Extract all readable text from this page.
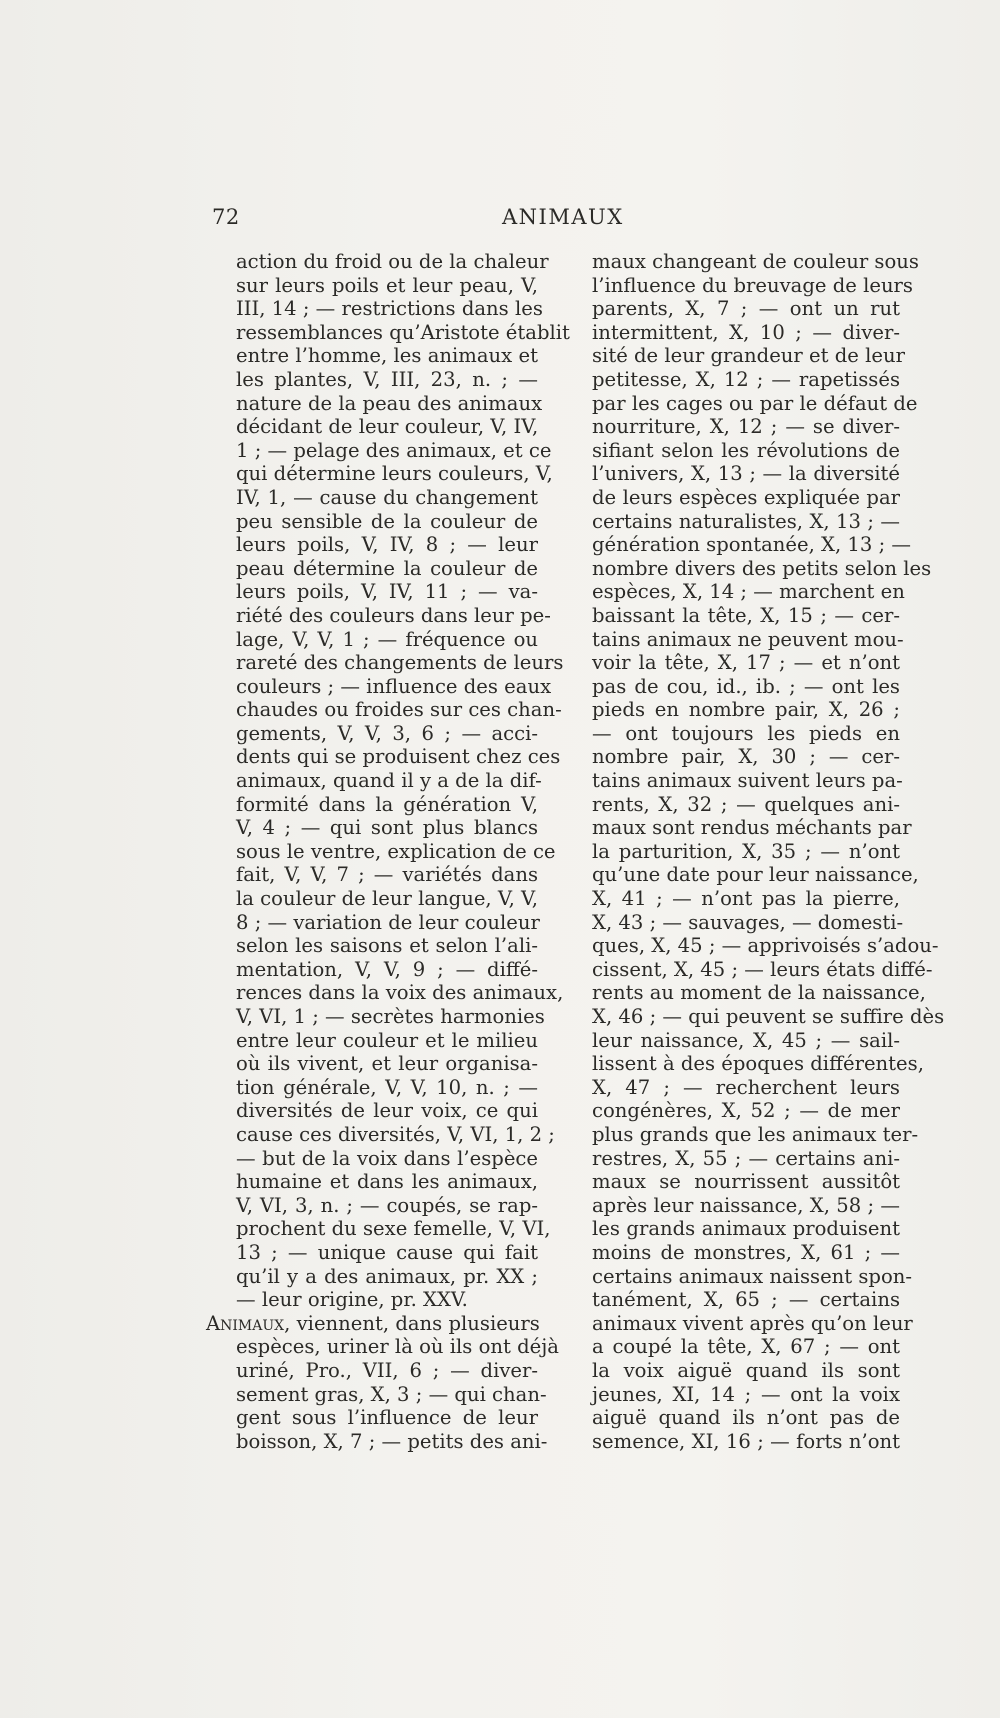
72	ANIMAUX
action du froid ou de la chaleur
sur leurs poils et leur peau, V,
III, 14 ; — restrictions dans les
ressemblances qu’Aristote établit
entre l’homme, les animaux et
les plantes, V, III, 23, n. ; —
nature de la peau des animaux
décidant de leur couleur, V, IV,
1 ; — pelage des animaux, et ce
qui détermine leurs couleurs, V,
IV, 1, — cause du changement
peu sensible de la couleur de
leurs poils, V, IV, 8 ; — leur
peau détermine la couleur de
leurs poils, V, IV, 11 ; — va-
riété des couleurs dans leur pe-
lage, V, V, 1 ; — fréquence ou
rareté des changements de leurs
couleurs ; — influence des eaux
chaudes ou froides sur ces chan-
gements, V, V, 3, 6 ; — acci-
dents qui se produisent chez ces
animaux, quand il y a de la dif-
formité dans la génération V,
V, 4 ; — qui sont plus blancs
sous le ventre, explication de ce
fait, V, V, 7 ; — variétés dans
la couleur de leur langue, V, V,
8 ; — variation de leur couleur
selon les saisons et selon l’ali-
mentation, V, V, 9 ; — diffé-
rences dans la voix des animaux,
V, VI, 1 ; — secrètes harmonies
entre leur couleur et le milieu
où ils vivent, et leur organisa-
tion générale, V, V, 10, n. ; —
diversités de leur voix, ce qui
cause ces diversités, V, VI, 1, 2 ;
— but de la voix dans l’espèce
humaine et dans les animaux,
V, VI, 3, n. ; — coupés, se rap-
prochent du sexe femelle, V, VI,
13 ; — unique cause qui fait
qu’il y a des animaux, pr. XX ;
— leur origine, pr. XXV.
Animaux, viennent, dans plusieurs
espèces, uriner là où ils ont déjà
uriné, Pro., VII, 6 ; — diver-
sement gras, X, 3 ; — qui chan-
gent sous l’influence de leur
boisson, X, 7 ; — petits des ani-
maux changeant de couleur sous
l’influence du breuvage de leurs
parents, X, 7 ; — ont un rut
intermittent, X, 10 ; — diver-
sité de leur grandeur et de leur
petitesse, X, 12 ; — rapetissés
par les cages ou par le défaut de
nourriture, X, 12 ; — se diver-
sifiant selon les révolutions de
l’univers, X, 13 ; — la diversité
de leurs espèces expliquée par
certains naturalistes, X, 13 ; —
génération spontanée, X, 13 ; —
nombre divers des petits selon les
espèces, X, 14 ; — marchent en
baissant la tête, X, 15 ; — cer-
tains animaux ne peuvent mou-
voir la tête, X, 17 ; — et n’ont
pas de cou, id., ib. ; — ont les
pieds en nombre pair, X, 26 ;
— ont toujours les pieds en
nombre pair, X, 30 ; — cer-
tains animaux suivent leurs pa-
rents, X, 32 ; — quelques ani-
maux sont rendus méchants par
la parturition, X, 35 ; — n’ont
qu’une date pour leur naissance,
X, 41 ; — n’ont pas la pierre,
X, 43 ; — sauvages, — domesti-
ques, X, 45 ; — apprivoisés s’adou-
cissent, X, 45 ; — leurs états diffé-
rents au moment de la naissance,
X, 46 ; — qui peuvent se suffire dès
leur naissance, X, 45 ; — sail-
lissent à des époques différentes,
X, 47 ; — recherchent leurs
congénères, X, 52 ; — de mer
plus grands que les animaux ter-
restres, X, 55 ; — certains ani-
maux se nourrissent aussitôt
après leur naissance, X, 58 ; —
les grands animaux produisent
moins de monstres, X, 61 ; —
certains animaux naissent spon-
tanément, X, 65 ; — certains
animaux vivent après qu’on leur
a coupé la tête, X, 67 ; — ont
la voix aiguë quand ils sont
jeunes, XI, 14 ; — ont la voix
aiguë quand ils n’ont pas de
semence, XI, 16 ; — forts n’ont
